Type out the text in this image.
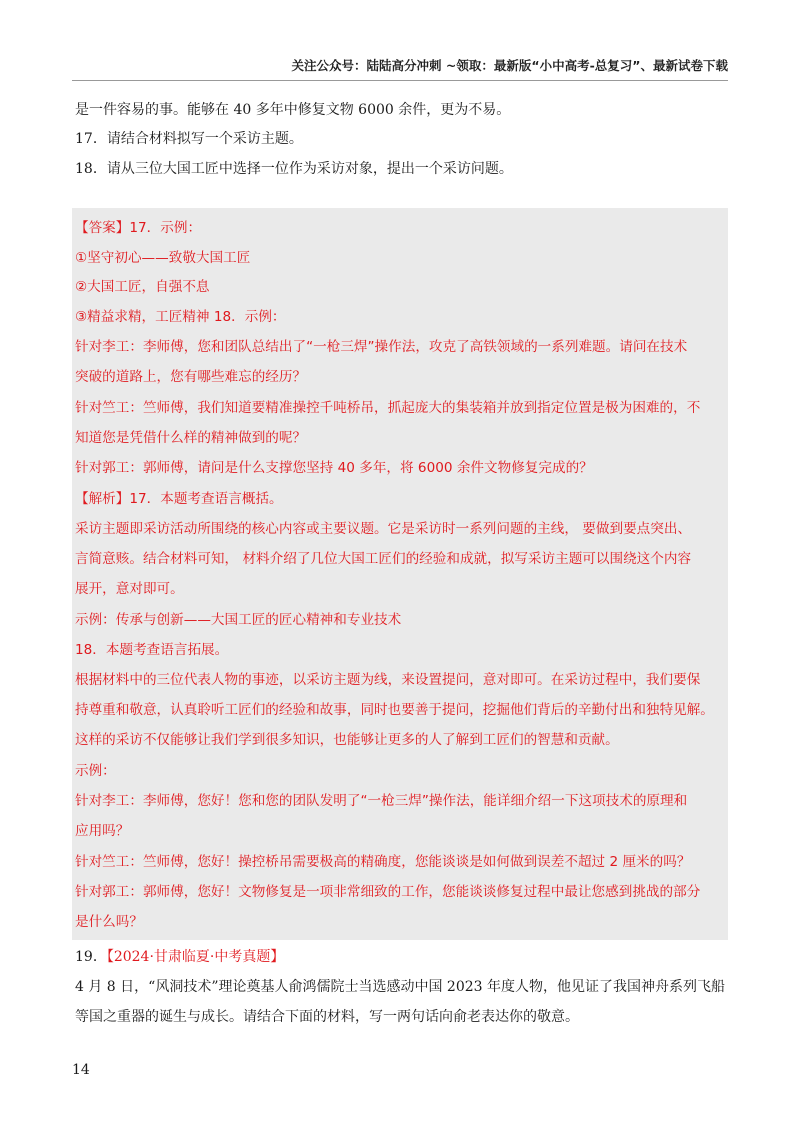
关注公众号：陆陆高分冲刺 ~领取：最新版“小中高考-总复习”、最新试卷下载
是一件容易的事。能够在 40 多年中修复文物 6000 余件，更为不易。
17．请结合材料拟写一个采访主题。
18．请从三位大国工匠中选择一位作为采访对象，提出一个采访问题。
【答案】17．示例：
①坚守初心——致敬大国工匠
②大国工匠，自强不息
③精益求精，工匠精神 18．示例：
针对李工：李师傅，您和团队总结出了“一枪三焊”操作法，攻克了高铁领域的一系列难题。请问在技术
突破的道路上，您有哪些难忘的经历？
针对竺工：竺师傅，我们知道要精准操控千吨桥吊，抓起庞大的集装箱并放到指定位置是极为困难的，不
知道您是凭借什么样的精神做到的呢？
针对郭工：郭师傅，请问是什么支撑您坚持 40 多年，将 6000 余件文物修复完成的？
【解析】17．本题考查语言概括。
采访主题即采访活动所围绕的核心内容或主要议题。它是采访时一系列问题的主线， 要做到要点突出、
言简意赅。结合材料可知， 材料介绍了几位大国工匠们的经验和成就，拟写采访主题可以围绕这个内容
展开，意对即可。
示例：传承与创新——大国工匠的匠心精神和专业技术
18．本题考查语言拓展。
根据材料中的三位代表人物的事迹，以采访主题为线，来设置提问，意对即可。在采访过程中，我们要保
持尊重和敬意，认真聆听工匠们的经验和故事，同时也要善于提问，挖掘他们背后的辛勤付出和独特见解。
这样的采访不仅能够让我们学到很多知识，也能够让更多的人了解到工匠们的智慧和贡献。
示例：
针对李工：李师傅，您好！您和您的团队发明了“一枪三焊”操作法，能详细介绍一下这项技术的原理和
应用吗？
针对竺工：竺师傅，您好！操控桥吊需要极高的精确度，您能谈谈是如何做到误差不超过 2 厘米的吗？
针对郭工：郭师傅，您好！文物修复是一项非常细致的工作，您能谈谈修复过程中最让您感到挑战的部分
是什么吗？
19．【2024·甘肃临夏·中考真题】
4 月 8 日，“风洞技术”理论奠基人俞鸿儒院士当选感动中国 2023 年度人物，他见证了我国神舟系列飞船
等国之重器的诞生与成长。请结合下面的材料，写一两句话向俞老表达你的敬意。
14
